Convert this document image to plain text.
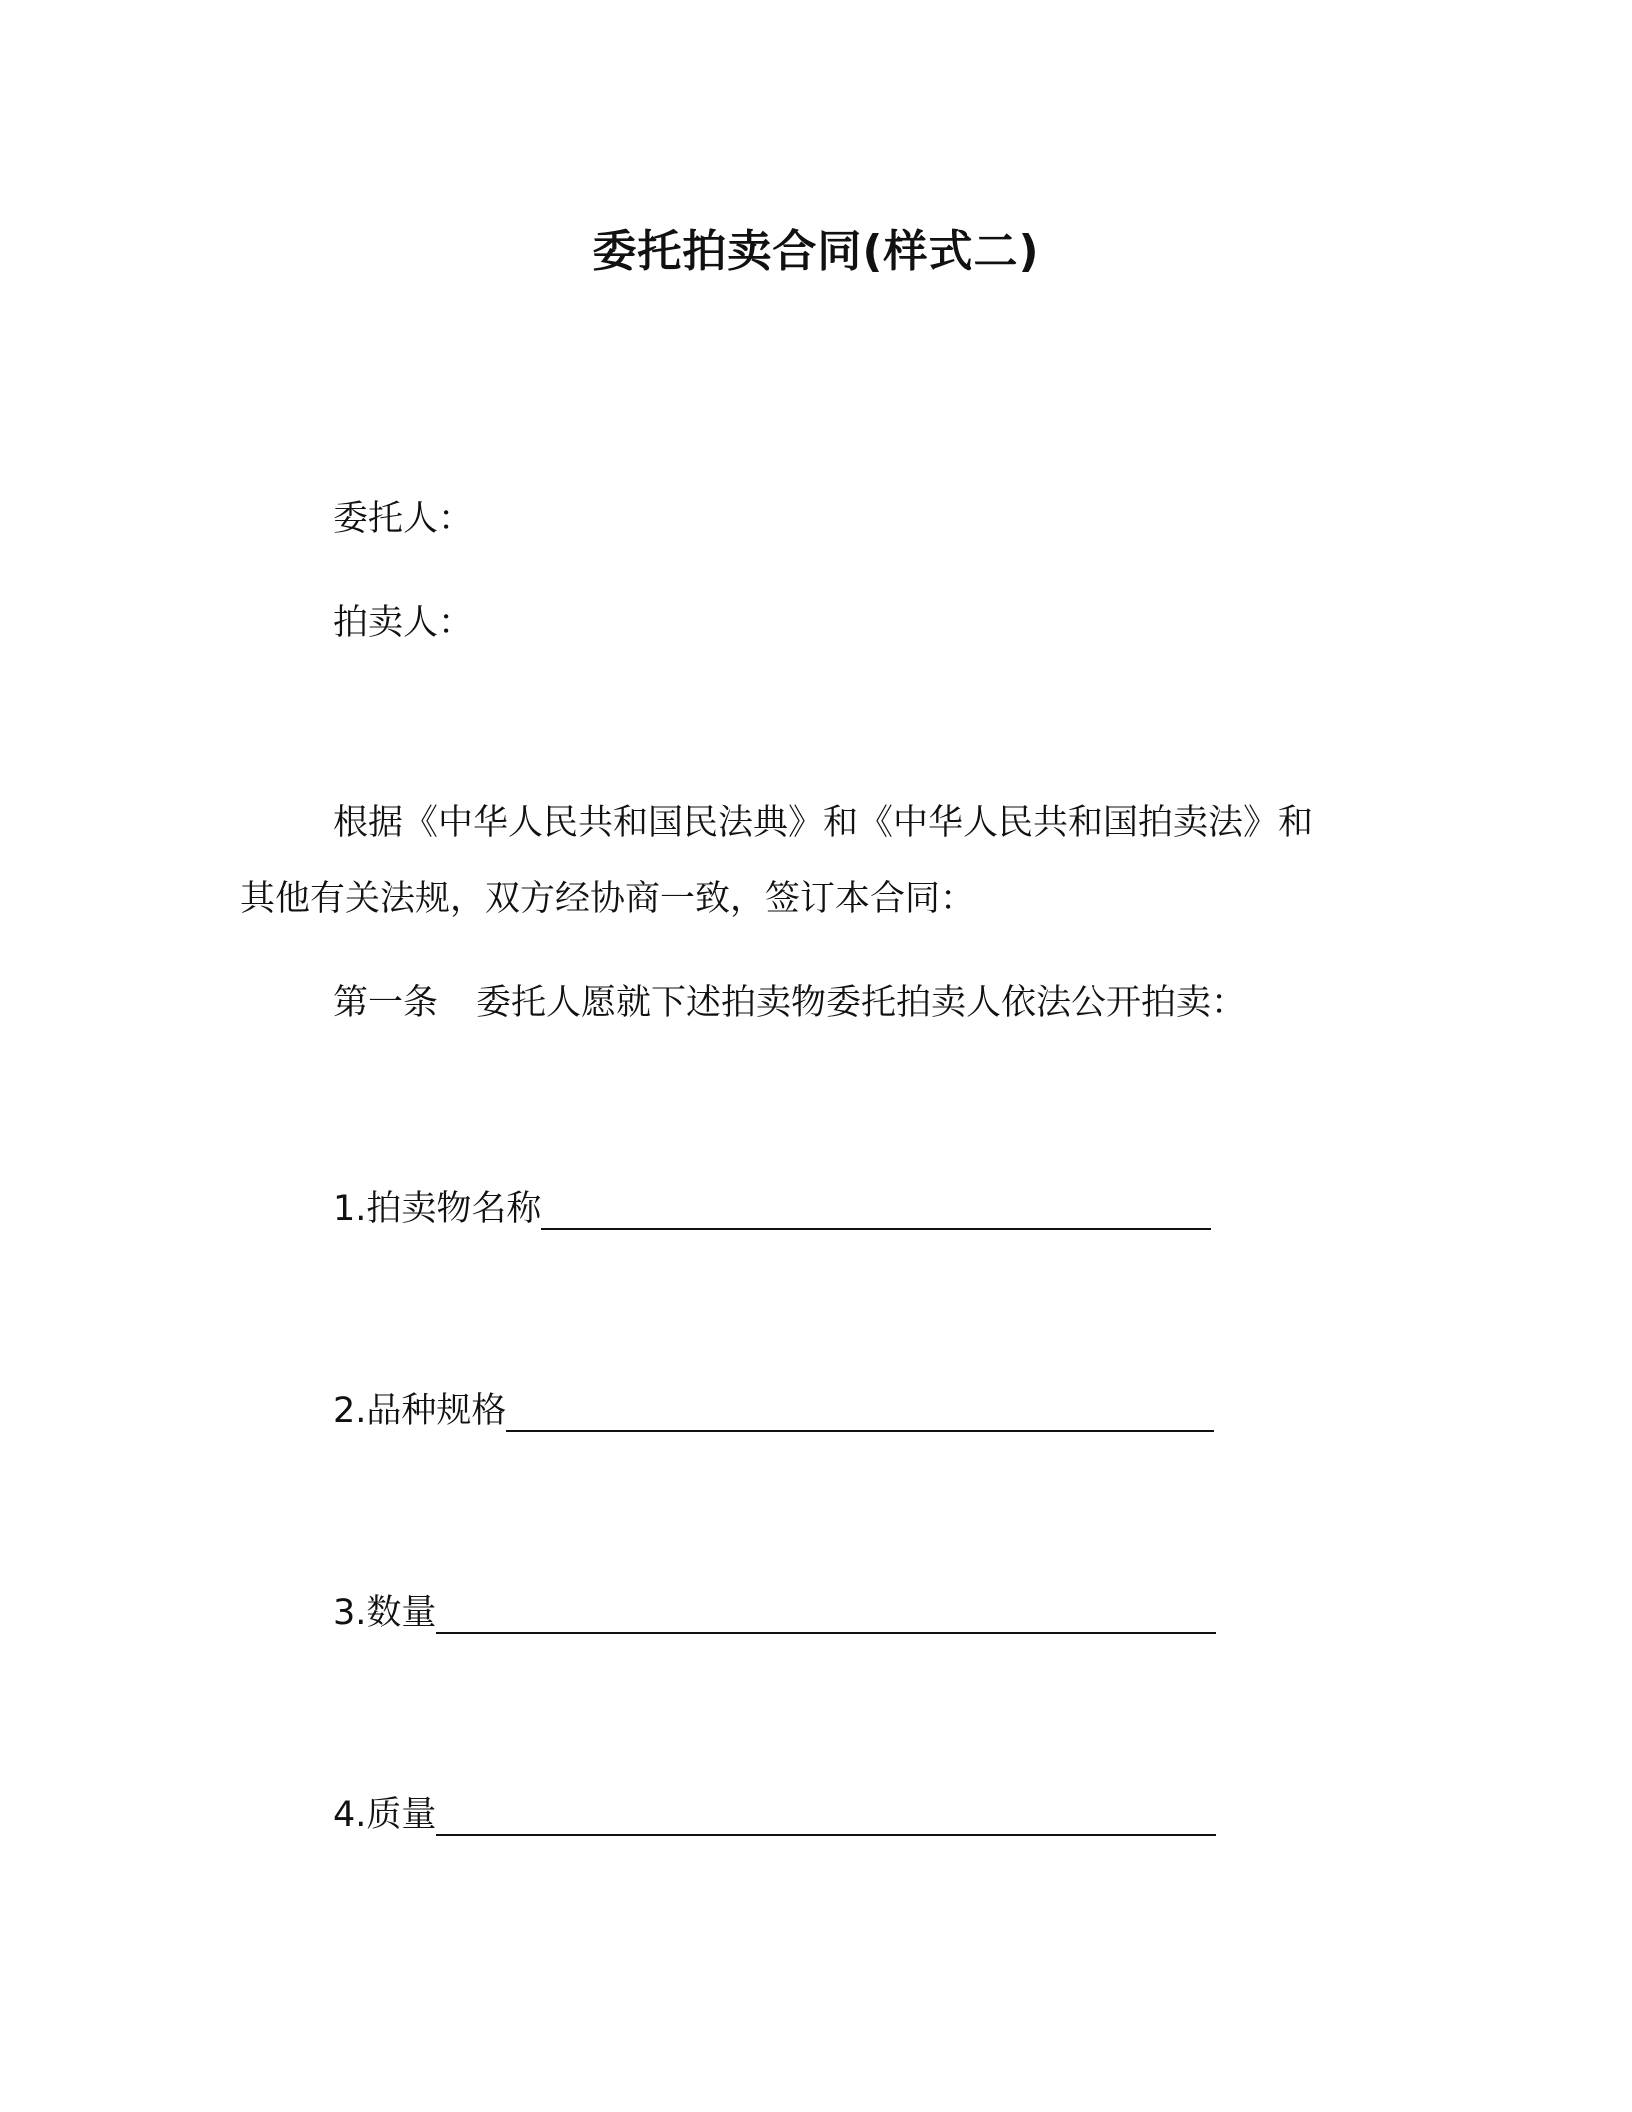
委托拍卖合同(样式二)
委托人：
拍卖人：
根据《中华人民共和国民法典》和《中华人民共和国拍卖法》和
其他有关法规，双方经协商一致，签订本合同：
第一条 委托人愿就下述拍卖物委托拍卖人依法公开拍卖：
1.拍卖物名称
2.品种规格
3.数量
4.质量
